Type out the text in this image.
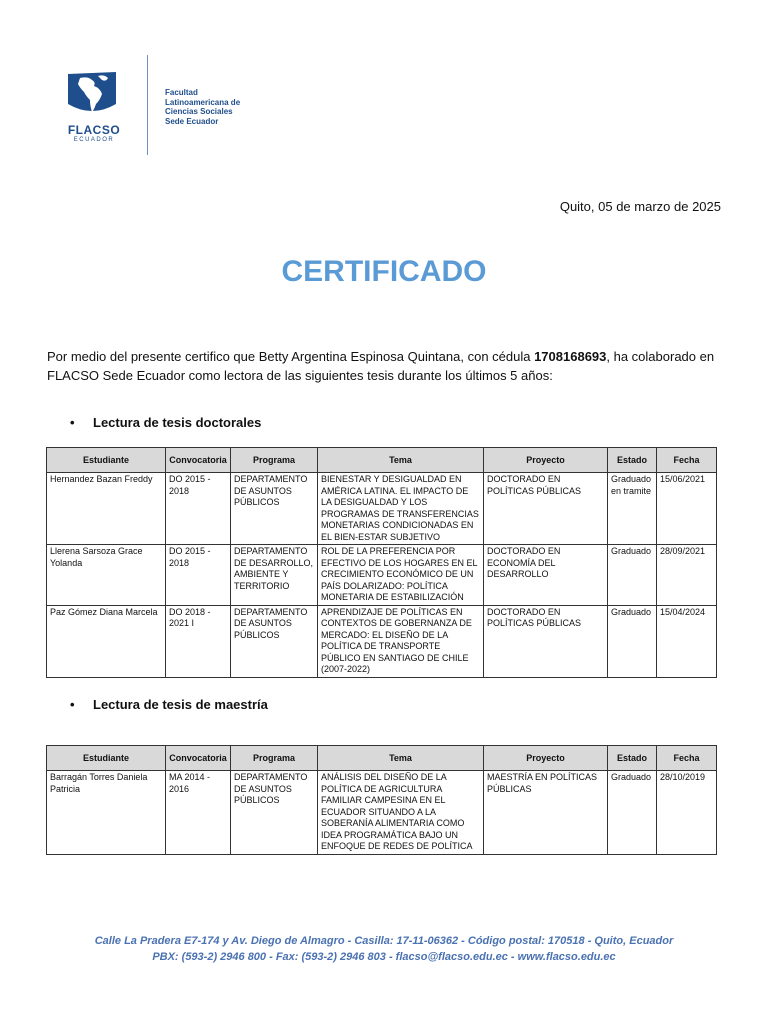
FLACSO
ECUADOR
Facultad
Latinoamericana de
Ciencias Sociales
Sede Ecuador
Quito, 05 de marzo de 2025
CERTIFICADO
Por medio del presente certifico que Betty Argentina Espinosa Quintana, con cédula 1708168693, ha colaborado en FLACSO Sede Ecuador como lectora de las siguientes tesis durante los últimos 5 años:
• Lectura de tesis doctorales
Estudiante	Convocatoria	Programa	Tema	Proyecto	Estado	Fecha
Hernandez Bazan Freddy	DO 2015 - 2018	DEPARTAMENTO DE ASUNTOS PÚBLICOS	BIENESTAR Y DESIGUALDAD EN AMÉRICA LATINA. EL IMPACTO DE LA DESIGUALDAD Y LOS PROGRAMAS DE TRANSFERENCIAS MONETARIAS CONDICIONADAS EN EL BIEN-ESTAR SUBJETIVO	DOCTORADO EN POLÍTICAS PÚBLICAS	Graduado en tramite	15/06/2021
Llerena Sarsoza Grace Yolanda	DO 2015 - 2018	DEPARTAMENTO DE DESARROLLO, AMBIENTE Y TERRITORIO	ROL DE LA PREFERENCIA POR EFECTIVO DE LOS HOGARES EN EL CRECIMIENTO ECONÓMICO DE UN PAÍS DOLARIZADO: POLÍTICA MONETARIA DE ESTABILIZACIÓN	DOCTORADO EN ECONOMÍA DEL DESARROLLO	Graduado	28/09/2021
Paz Gómez Diana Marcela	DO 2018 - 2021 I	DEPARTAMENTO DE ASUNTOS PÚBLICOS	APRENDIZAJE DE POLÍTICAS EN CONTEXTOS DE GOBERNANZA DE MERCADO: EL DISEÑO DE LA POLÍTICA DE TRANSPORTE PÚBLICO EN SANTIAGO DE CHILE (2007-2022)	DOCTORADO EN POLÍTICAS PÚBLICAS	Graduado	15/04/2024
• Lectura de tesis de maestría
Estudiante	Convocatoria	Programa	Tema	Proyecto	Estado	Fecha
Barragán Torres Daniela Patricia	MA 2014 - 2016	DEPARTAMENTO DE ASUNTOS PÚBLICOS	ANÁLISIS DEL DISEÑO DE LA POLÍTICA DE AGRICULTURA FAMILIAR CAMPESINA EN EL ECUADOR SITUANDO A LA SOBERANÍA ALIMENTARIA COMO IDEA PROGRAMÁTICA BAJO UN ENFOQUE DE REDES DE POLÍTICA	MAESTRÍA EN POLÍTICAS PÚBLICAS	Graduado	28/10/2019
Calle La Pradera E7-174 y Av. Diego de Almagro - Casilla: 17-11-06362 - Código postal: 170518 - Quito, Ecuador
PBX: (593-2) 2946 800 - Fax: (593-2) 2946 803 - flacso@flacso.edu.ec - www.flacso.edu.ec
